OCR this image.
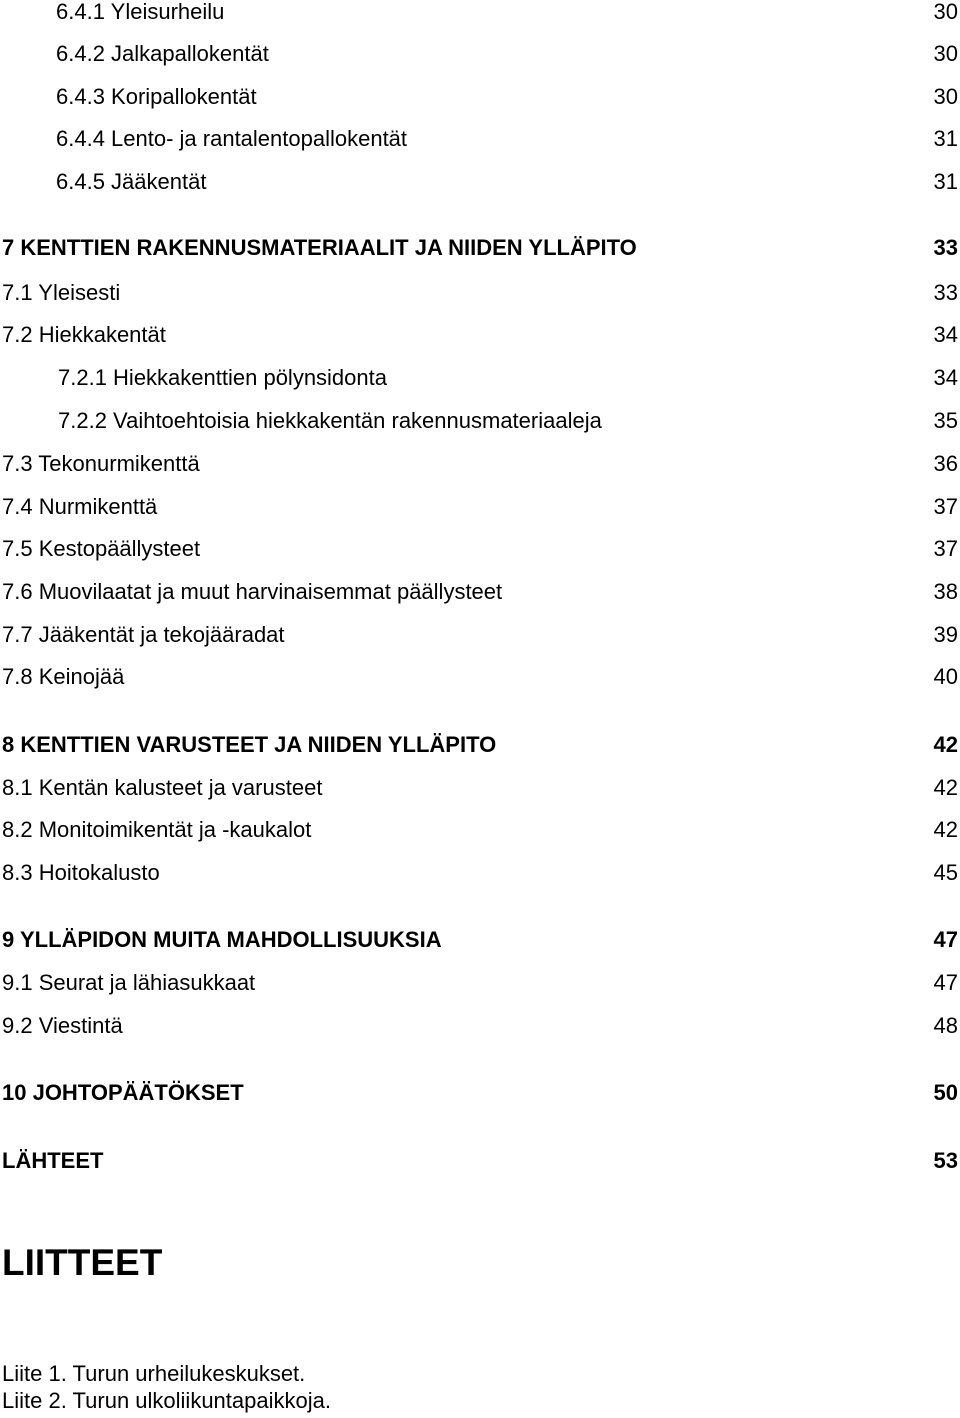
6.4.1 Yleisurheilu	30
6.4.2 Jalkapallokentät	30
6.4.3 Koripallokentät	30
6.4.4 Lento- ja rantalentopallokentät	31
6.4.5 Jääkentät	31
7 KENTTIEN RAKENNUSMATERIAALIT JA NIIDEN YLLÄPITO	33
7.1 Yleisesti	33
7.2 Hiekkakentät	34
7.2.1 Hiekkakenttien pölynsidonta	34
7.2.2 Vaihtoehtoisia hiekkakentän rakennusmateriaaleja	35
7.3 Tekonurmikenttä	36
7.4 Nurmikenttä	37
7.5 Kestopäällysteet	37
7.6 Muovilaatat ja muut harvinaisemmat päällysteet	38
7.7 Jääkentät ja tekojääradat	39
7.8 Keinojää	40
8 KENTTIEN VARUSTEET JA NIIDEN YLLÄPITO	42
8.1 Kentän kalusteet ja varusteet	42
8.2 Monitoimikentät ja -kaukalot	42
8.3 Hoitokalusto	45
9 YLLÄPIDON MUITA MAHDOLLISUUKSIA	47
9.1 Seurat ja lähiasukkaat	47
9.2 Viestintä	48
10 JOHTOPÄÄTÖKSET	50
LÄHTEET	53
LIITTEET
Liite 1. Turun urheilukeskukset.
Liite 2. Turun ulkoliikuntapaikkoja.
